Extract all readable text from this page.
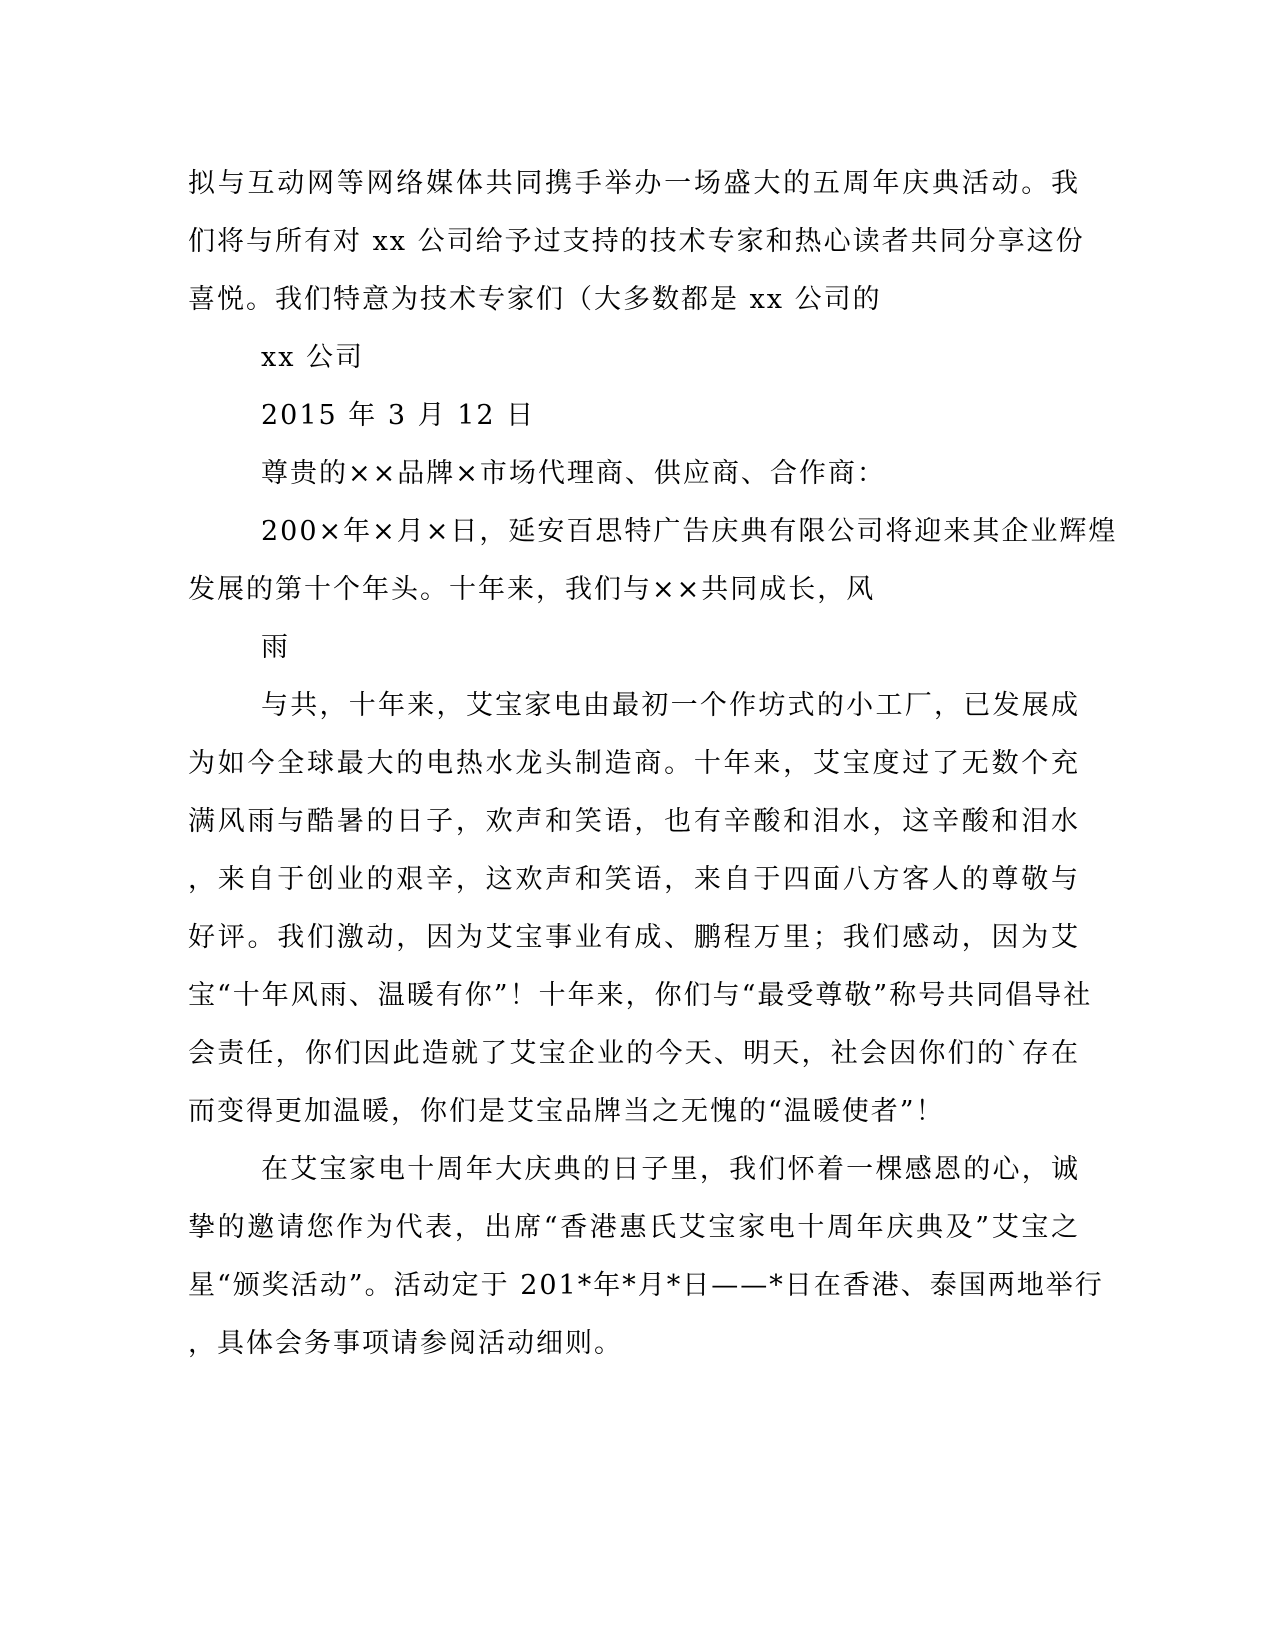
拟与互动网等网络媒体共同携手举办一场盛大的五周年庆典活动。我
们将与所有对 xx 公司给予过支持的技术专家和热心读者共同分享这份
喜悦。我们特意为技术专家们（大多数都是 xx 公司的
xx 公司
2015 年 3 月 12 日
尊贵的××品牌×市场代理商、供应商、合作商：
200×年×月×日，延安百思特广告庆典有限公司将迎来其企业辉煌
发展的第十个年头。十年来，我们与××共同成长，风
雨
与共，十年来，艾宝家电由最初一个作坊式的小工厂，已发展成
为如今全球最大的电热水龙头制造商。十年来，艾宝度过了无数个充
满风雨与酷暑的日子，欢声和笑语，也有辛酸和泪水，这辛酸和泪水
，来自于创业的艰辛，这欢声和笑语，来自于四面八方客人的尊敬与
好评。我们激动，因为艾宝事业有成、鹏程万里；我们感动，因为艾
宝“十年风雨、温暖有你”！十年来，你们与“最受尊敬”称号共同倡导社
会责任，你们因此造就了艾宝企业的今天、明天，社会因你们的`存在
而变得更加温暖，你们是艾宝品牌当之无愧的“温暖使者”！
在艾宝家电十周年大庆典的日子里，我们怀着一棵感恩的心，诚
挚的邀请您作为代表，出席“香港惠氏艾宝家电十周年庆典及”艾宝之
星“颁奖活动”。活动定于 201*年*月*日——*日在香港、泰国两地举行
，具体会务事项请参阅活动细则。
